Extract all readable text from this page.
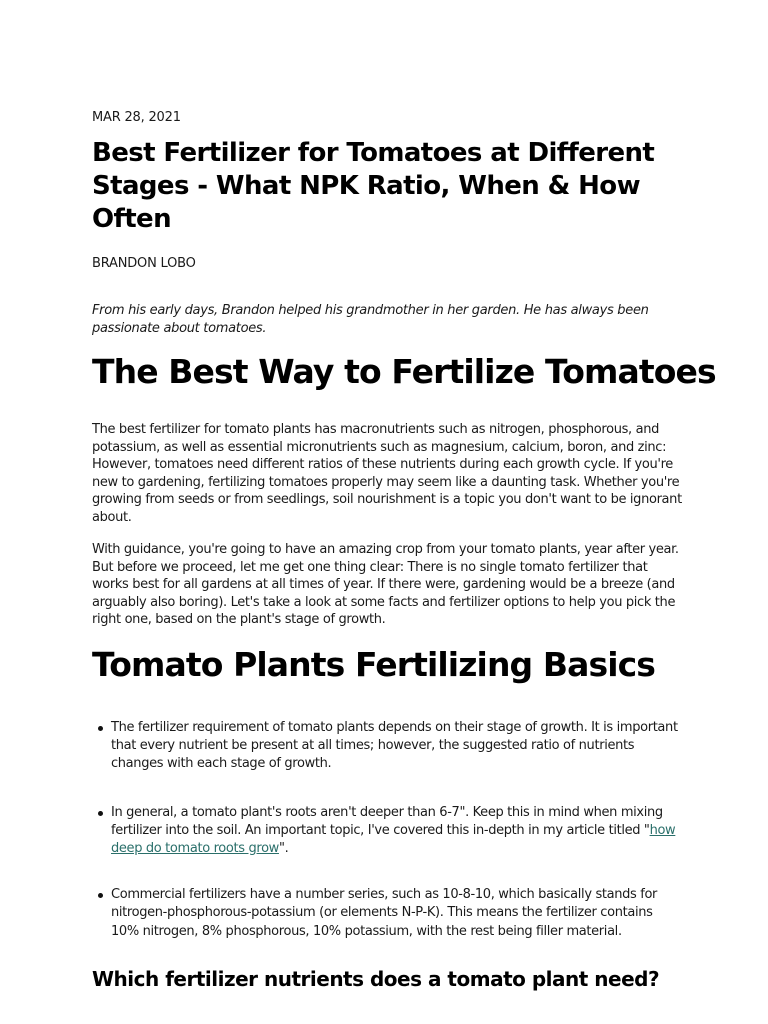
MAR 28, 2021
Best Fertilizer for Tomatoes at Different Stages - What NPK Ratio, When & How Often
BRANDON LOBO

From his early days, Brandon helped his grandmother in her garden. He has always been passionate about tomatoes.

The Best Way to Fertilize Tomatoes

The best fertilizer for tomato plants has macronutrients such as nitrogen, phosphorous, and potassium, as well as essential micronutrients such as magnesium, calcium, boron, and zinc: However, tomatoes need different ratios of these nutrients during each growth cycle. If you're new to gardening, fertilizing tomatoes properly may seem like a daunting task. Whether you're growing from seeds or from seedlings, soil nourishment is a topic you don't want to be ignorant about.

With guidance, you're going to have an amazing crop from your tomato plants, year after year. But before we proceed, let me get one thing clear: There is no single tomato fertilizer that works best for all gardens at all times of year. If there were, gardening would be a breeze (and arguably also boring). Let's take a look at some facts and fertilizer options to help you pick the right one, based on the plant's stage of growth.

Tomato Plants Fertilizing Basics
The fertilizer requirement of tomato plants depends on their stage of growth. It is important that every nutrient be present at all times; however, the suggested ratio of nutrients changes with each stage of growth.
In general, a tomato plant's roots aren't deeper than 6-7". Keep this in mind when mixing fertilizer into the soil. An important topic, I've covered this in-depth in my article titled "how deep do tomato roots grow".
Commercial fertilizers have a number series, such as 10-8-10, which basically stands for nitrogen-phosphorous-potassium (or elements N-P-K). This means the fertilizer contains 10% nitrogen, 8% phosphorous, 10% potassium, with the rest being filler material.
Which fertilizer nutrients does a tomato plant need?
